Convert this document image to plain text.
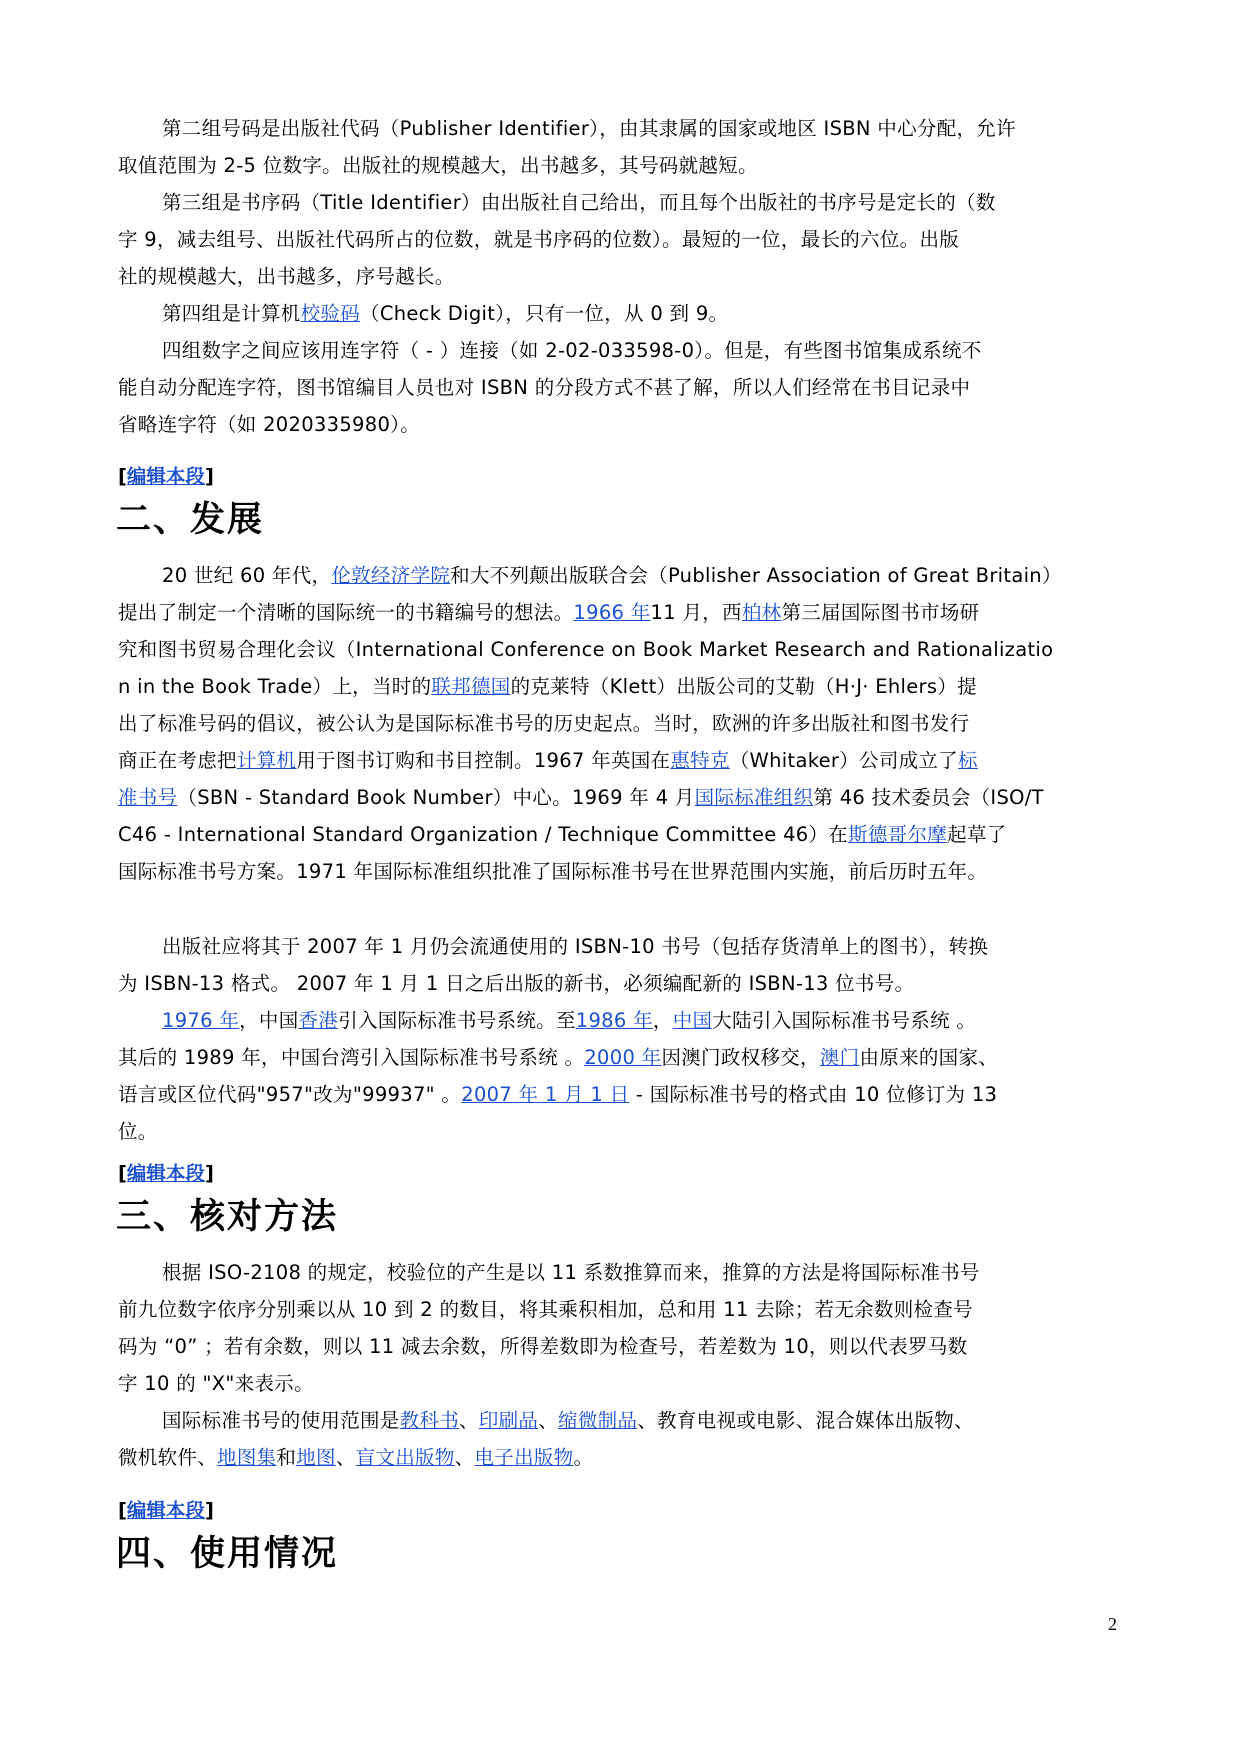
第二组号码是出版社代码（Publisher Identifier），由其隶属的国家或地区 ISBN 中心分配，允许
取值范围为 2-5 位数字。出版社的规模越大，出书越多，其号码就越短。
第三组是书序码（Title Identifier）由出版社自己给出，而且每个出版社的书序号是定长的（数
字 9，减去组号、出版社代码所占的位数，就是书序码的位数）。最短的一位，最长的六位。出版
社的规模越大，出书越多，序号越长。
第四组是计算机校验码（Check Digit），只有一位，从 0 到 9。
四组数字之间应该用连字符（ - ）连接（如 2-02-033598-0）。但是，有些图书馆集成系统不
能自动分配连字符，图书馆编目人员也对 ISBN 的分段方式不甚了解，所以人们经常在书目记录中
省略连字符（如 2020335980）。
[编辑本段]
二、发展
20 世纪 60 年代，伦敦经济学院和大不列颠出版联合会（Publisher Association of Great Britain）
提出了制定一个清晰的国际统一的书籍编号的想法。1966 年11 月，西柏林第三届国际图书市场研
究和图书贸易合理化会议（International Conference on Book Market Research and Rationalizatio
n in the Book Trade）上，当时的联邦德国的克莱特（Klett）出版公司的艾勒（H·J· Ehlers）提
出了标准号码的倡议，被公认为是国际标准书号的历史起点。当时，欧洲的许多出版社和图书发行
商正在考虑把计算机用于图书订购和书目控制。1967 年英国在惠特克（Whitaker）公司成立了标
准书号（SBN - Standard Book Number）中心。1969 年 4 月国际标准组织第 46 技术委员会（ISO/T
C46 - International Standard Organization / Technique Committee 46）在斯德哥尔摩起草了
国际标准书号方案。1971 年国际标准组织批准了国际标准书号在世界范围内实施，前后历时五年。
出版社应将其于 2007 年 1 月仍会流通使用的 ISBN-10 书号（包括存货清单上的图书），转换
为 ISBN-13 格式。 2007 年 1 月 1 日之后出版的新书，必须编配新的 ISBN-13 位书号。
1976 年，中国香港引入国际标准书号系统。至1986 年，中国大陆引入国际标准书号系统 。
其后的 1989 年，中国台湾引入国际标准书号系统 。2000 年因澳门政权移交，澳门由原来的国家、
语言或区位代码"957"改为"99937" 。2007 年 1 月 1 日 - 国际标准书号的格式由 10 位修订为 13
位。
[编辑本段]
三、核对方法
根据 ISO-2108 的规定，校验位的产生是以 11 系数推算而来，推算的方法是将国际标准书号
前九位数字依序分别乘以从 10 到 2 的数目，将其乘积相加，总和用 11 去除；若无余数则检查号
码为 “0” ；若有余数，则以 11 减去余数，所得差数即为检查号，若差数为 10，则以代表罗马数
字 10 的 "X"来表示。
国际标准书号的使用范围是教科书、印刷品、缩微制品、教育电视或电影、混合媒体出版物、
微机软件、地图集和地图、盲文出版物、电子出版物。
[编辑本段]
四、使用情况
2
